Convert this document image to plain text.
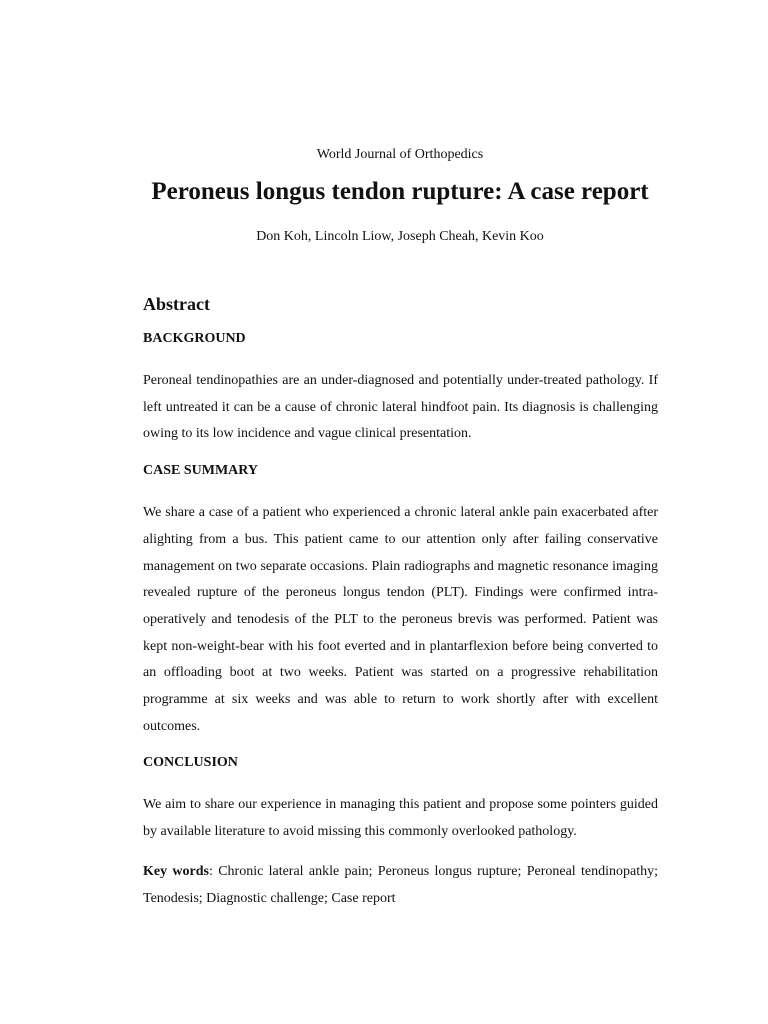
World Journal of Orthopedics
Peroneus longus tendon rupture: A case report
Don Koh, Lincoln Liow, Joseph Cheah, Kevin Koo
Abstract
BACKGROUND

Peroneal tendinopathies are an under-diagnosed and potentially under-treated pathology. If left untreated it can be a cause of chronic lateral hindfoot pain. Its diagnosis is challenging owing to its low incidence and vague clinical presentation.

CASE SUMMARY

We share a case of a patient who experienced a chronic lateral ankle pain exacerbated after alighting from a bus. This patient came to our attention only after failing conservative management on two separate occasions. Plain radiographs and magnetic resonance imaging revealed rupture of the peroneus longus tendon (PLT). Findings were confirmed intra-operatively and tenodesis of the PLT to the peroneus brevis was performed. Patient was kept non-weight-bear with his foot everted and in plantarflexion before being converted to an offloading boot at two weeks. Patient was started on a progressive rehabilitation programme at six weeks and was able to return to work shortly after with excellent outcomes.

CONCLUSION

We aim to share our experience in managing this patient and propose some pointers guided by available literature to avoid missing this commonly overlooked pathology.

Key words: Chronic lateral ankle pain; Peroneus longus rupture; Peroneal tendinopathy; Tenodesis; Diagnostic challenge; Case report
